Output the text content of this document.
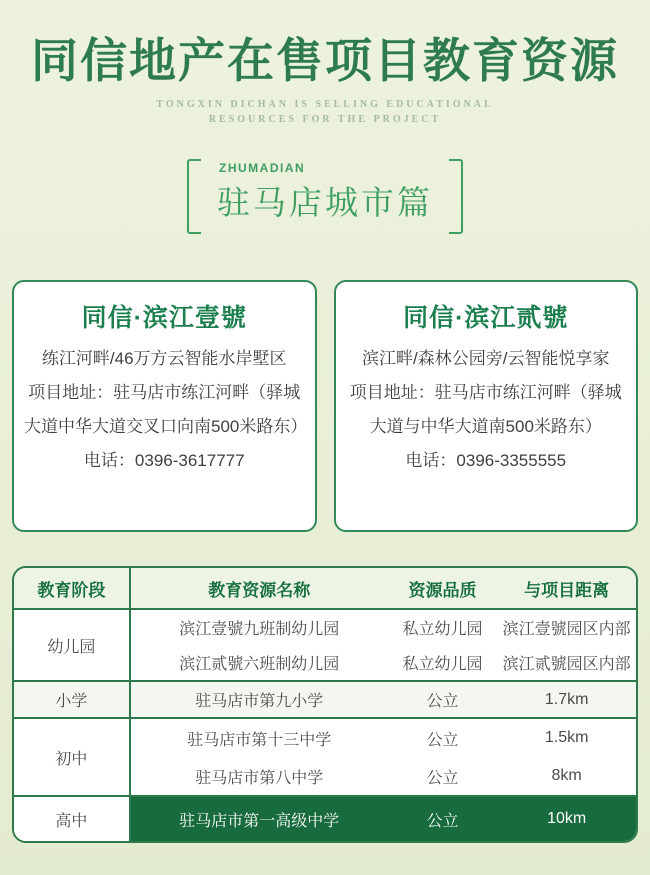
同信地产在售项目教育资源
TONGXIN DICHAN IS SELLING EDUCATIONAL
RESOURCES FOR THE PROJECT
ZHUMADIAN
驻马店城市篇
同信·滨江壹號
练江河畔/46万方云智能水岸墅区
项目地址：驻马店市练江河畔（驿城大道中华大道交叉口向南500米路东）
电话：0396-3617777
同信·滨江贰號
滨江畔/森林公园旁/云智能悦享家
项目地址：驻马店市练江河畔（驿城大道与中华大道南500米路东）
电话：0396-3355555
教育阶段	教育资源名称	资源品质	与项目距离
幼儿园	滨江壹號九班制幼儿园	私立幼儿园	滨江壹號园区内部
	滨江贰號六班制幼儿园	私立幼儿园	滨江贰號园区内部
小学	驻马店市第九小学	公立	1.7km
初中	驻马店市第十三中学	公立	1.5km
	驻马店市第八中学	公立	8km
高中	驻马店市第一高级中学	公立	10km
